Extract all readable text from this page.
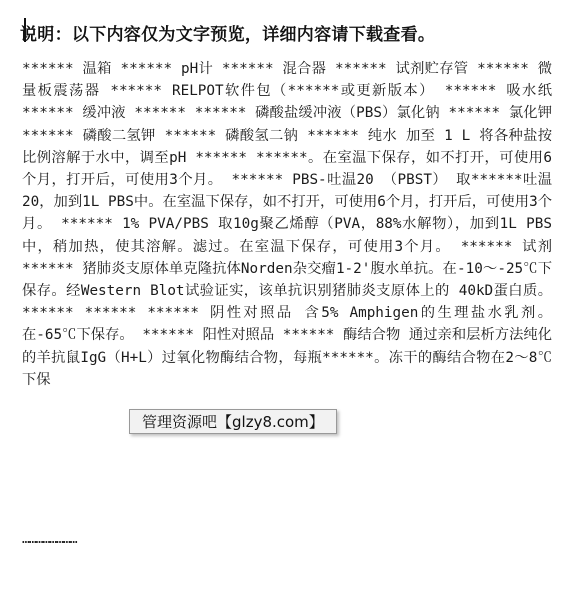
说明：以下内容仅为文字预览，详细内容请下载查看。
****** 温箱 ****** pH计 ****** 混合器 ****** 试剂贮存管 ****** 微量板震荡器 ****** RELPOT软件包（******或更新版本） ****** 吸水纸 ****** 缓冲液 ****** ****** 磷酸盐缓冲液（PBS）氯化钠 ****** 氯化钾 ****** 磷酸二氢钾 ****** 磷酸氢二钠 ****** 纯水 加至 1 L 将各种盐按比例溶解于水中，调至pH ****** ******。在室温下保存，如不打开，可使用6个月，打开后，可使用3个月。 ****** PBS-吐温20 （PBST） 取******吐温20，加到1L PBS中。在室温下保存，如不打开，可使用6个月，打开后，可使用3个月。 ****** 1% PVA/PBS 取10g聚乙烯醇（PVA，88%水解物），加到1L PBS中，稍加热，使其溶解。滤过。在室温下保存，可使用3个月。 ****** 试剂 ****** 猪肺炎支原体单克隆抗体Norden杂交瘤1-2'腹水单抗。在-10～-25℃下保存。经Western Blot试验证实，该单抗识别猪肺炎支原体上的 40kD蛋白质。 ****** ****** ****** 阴性对照品 含5% Amphigen的生理盐水乳剂。在-65℃下保存。 ****** 阳性对照品 ****** 酶结合物 通过亲和层析方法纯化的羊抗鼠IgG（H+L）过氧化物酶结合物，每瓶******。冻干的酶结合物在2～8℃下保
……………………
管理资源吧【glzy8.com】
